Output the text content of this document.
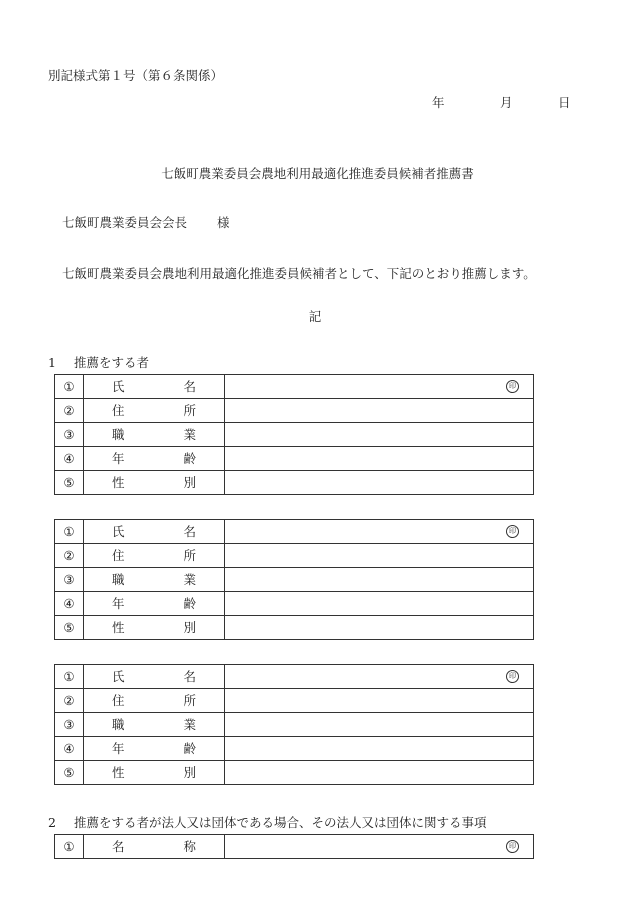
別記様式第１号（第６条関係）
年	月	日
七飯町農業委員会農地利用最適化推進委員候補者推薦書
七飯町農業委員会会長 様
七飯町農業委員会農地利用最適化推進委員候補者として、下記のとおり推薦します。
記
1 推薦をする者
①	氏名	印

②	住所	
③	職業	
④	年齢	
⑤	性別	
①	氏名	印

②	住所	
③	職業	
④	年齢	
⑤	性別	
①	氏名	印

②	住所	
③	職業	
④	年齢	
⑤	性別	
2 推薦をする者が法人又は団体である場合、その法人又は団体に関する事項
①	名称	印
